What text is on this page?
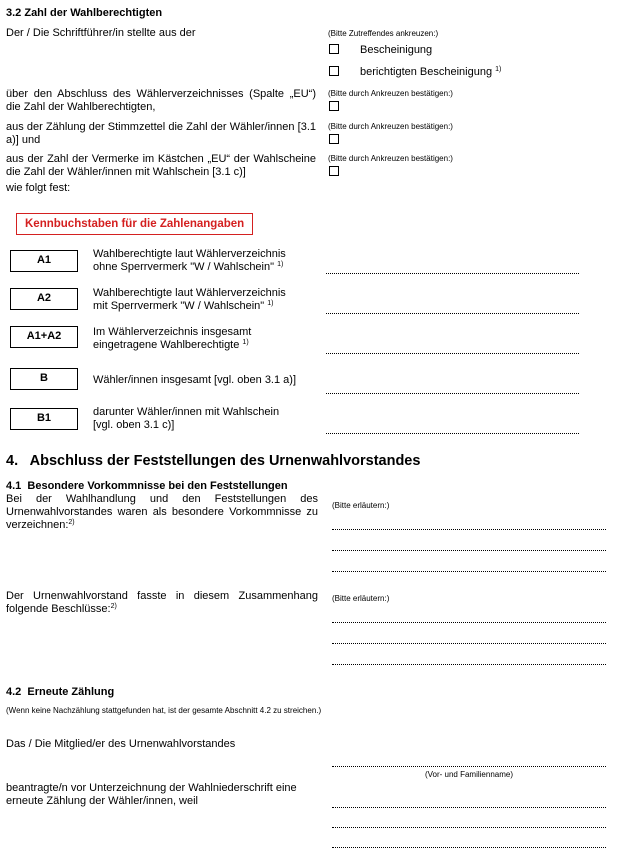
3.2 Zahl der Wahlberechtigten
Der / Die Schriftführer/in stellte aus der	(Bitte Zutreffendes ankreuzen:)
Bescheinigung
berichtigten Bescheinigung $^{1)}$
über den Abschluss des Wählerverzeichnisses (Spalte „EU“) die Zahl der Wahlberechtigten,
(Bitte durch Ankreuzen bestätigen:)
aus der Zählung der Stimmzettel die Zahl der Wähler/innen [3.1 a)] und
(Bitte durch Ankreuzen bestätigen:)
aus der Zahl der Vermerke im Kästchen „EU“ der Wahlscheine die Zahl der Wähler/innen mit Wahlschein [3.1 c)]
(Bitte durch Ankreuzen bestätigen:)
wie folgt fest:
Kennbuchstaben für die Zahlenangaben
A1	Wahlberechtigte laut Wählerverzeichnis
ohne Sperrvermerk "W / Wahlschein" $^{1)}$
A2	Wahlberechtigte laut Wählerverzeichnis
mit Sperrvermerk "W / Wahlschein" $^{1)}$
A1+A2	Im Wählerverzeichnis insgesamt
eingetragene Wahlberechtigte $^{1)}$
B	Wähler/innen insgesamt [vgl. oben 3.1 a)]
B1	darunter Wähler/innen mit Wahlschein
[vgl. oben 3.1 c)]
4.   Abschluss der Feststellungen des Urnenwahlvorstandes
4.1  Besondere Vorkommnisse bei den Feststellungen
Bei der Wahlhandlung und den Feststellungen des Urnenwahlvorstandes waren als besondere Vorkommnisse zu verzeichnen:$^{2)}$
(Bitte erläutern:)
Der Urnenwahlvorstand fasste in diesem Zusammenhang folgende Beschlüsse:$^{2)}$
(Bitte erläutern:)
4.2  Erneute Zählung
(Wenn keine Nachzählung stattgefunden hat, ist der gesamte Abschnitt 4.2 zu streichen.)
Das / Die Mitglied/er des Urnenwahlvorstandes
(Vor- und Familienname)
beantragte/n vor Unterzeichnung der Wahlniederschrift eine erneute Zählung der Wähler/innen, weil
